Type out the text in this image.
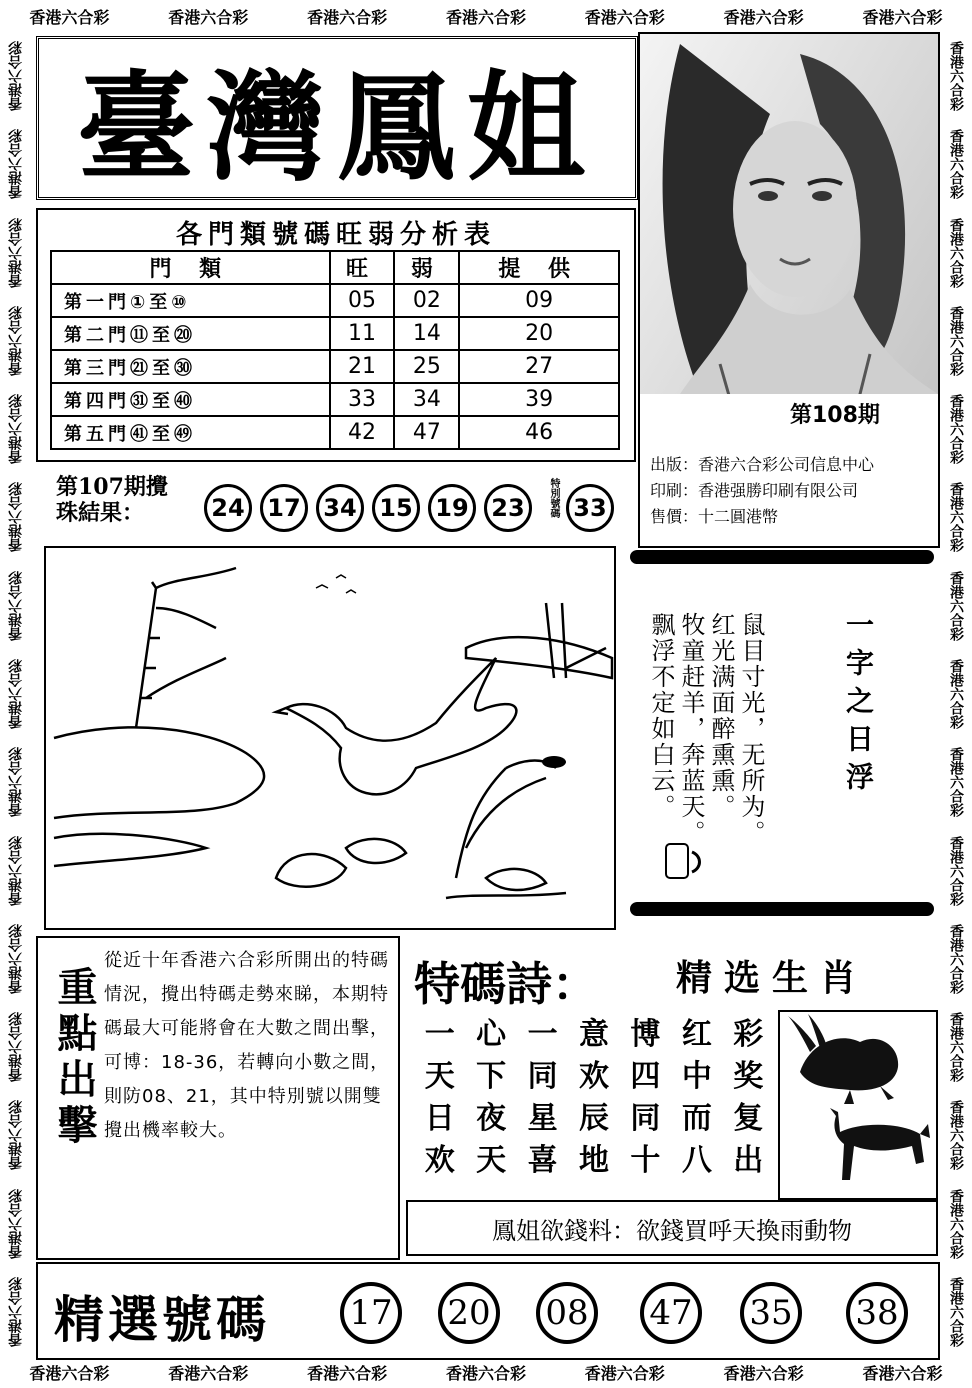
香港六合彩	香港六合彩	香港六合彩	香港六合彩	香港六合彩	香港六合彩	香港六合彩
香港六合彩	香港六合彩	香港六合彩	香港六合彩	香港六合彩	香港六合彩	香港六合彩
香港六合彩
香港六合彩
香港六合彩
香港六合彩
香港六合彩
香港六合彩
香港六合彩
香港六合彩
香港六合彩
香港六合彩
香港六合彩
香港六合彩
香港六合彩
香港六合彩
香港六合彩
香港六合彩
香港六合彩
香港六合彩
香港六合彩
香港六合彩
香港六合彩
香港六合彩
香港六合彩
香港六合彩
香港六合彩
香港六合彩
香港六合彩
香港六合彩
香港六合彩
香港六合彩
臺灣鳳姐
第108期
出版：香港六合彩公司信息中心
印刷：香港强勝印刷有限公司
售價：十二圓港幣
各門類號碼旺弱分析表
門 類	旺	弱	提 供
第一門①至⑩	05	02	09
第二門⑪至⑳	11	14	20
第三門㉑至㉚	21	25	27
第四門㉛至㊵	33	34	39
第五門㊶至㊾	42	47	46
第107期攪
珠結果：	24 17 34 15 19 23	特別號碼 33
一字之日浮
鼠目寸光，无所为。
红光满面醉熏熏。
牧童赶羊，奔蓝天。
飘浮不定如白云。
重點出擊
從近十年香港六合彩所開出的特碼情況，攪出特碼走勢來睇，本期特碼最大可能將會在大數之間出擊，可博：18-36，若轉向小數之間，則防08、21，其中特別號以開雙攪出機率較大。
特碼詩： 精选生肖
一 心 一 意 博 红 彩
天 下 同 欢 四 中 奖
日 夜 星 辰 同 而 复
欢 天 喜 地 十 八 出
鳳姐欲錢料：欲錢買呼天換雨動物
精選號碼 17 20 08 47 35 38
